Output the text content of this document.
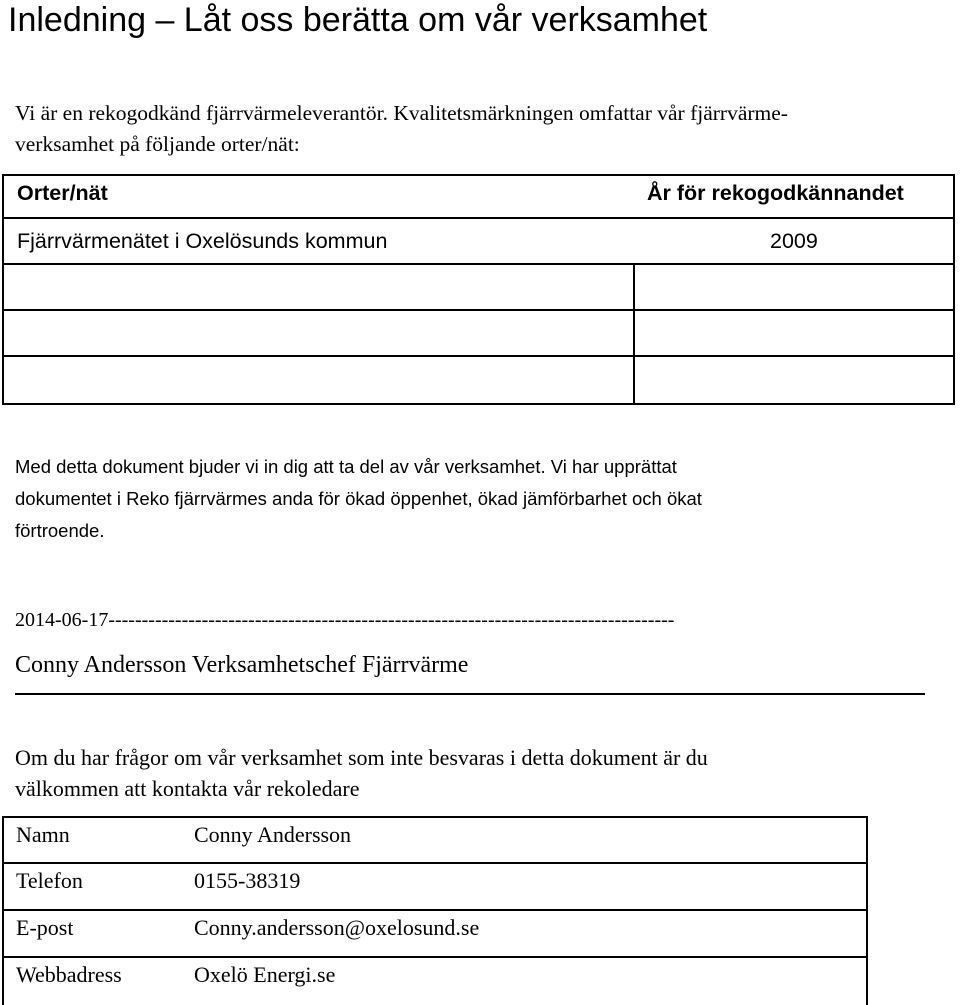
Inledning – Låt oss berätta om vår verksamhet
Vi är en rekogodkänd fjärrvärmeleverantör. Kvalitetsmärkningen omfattar vår fjärrvärme-
verksamhet på följande orter/nät:
Orter/nät	År för rekogodkännandet
Fjärrvärmenätet i Oxelösunds kommun	2009
Med detta dokument bjuder vi in dig att ta del av vår verksamhet. Vi har upprättat
dokumentet i Reko fjärrvärmes anda för ökad öppenhet, ökad jämförbarhet och ökat
förtroende.
2014-06-17-------------------------------------------------------------------------------------
Conny Andersson Verksamhetschef Fjärrvärme
Om du har frågor om vår verksamhet som inte besvaras i detta dokument är du
välkommen att kontakta vår rekoledare
Namn	Conny Andersson
Telefon	0155-38319
E-post	Conny.andersson@oxelosund.se
Webbadress	Oxelö Energi.se
